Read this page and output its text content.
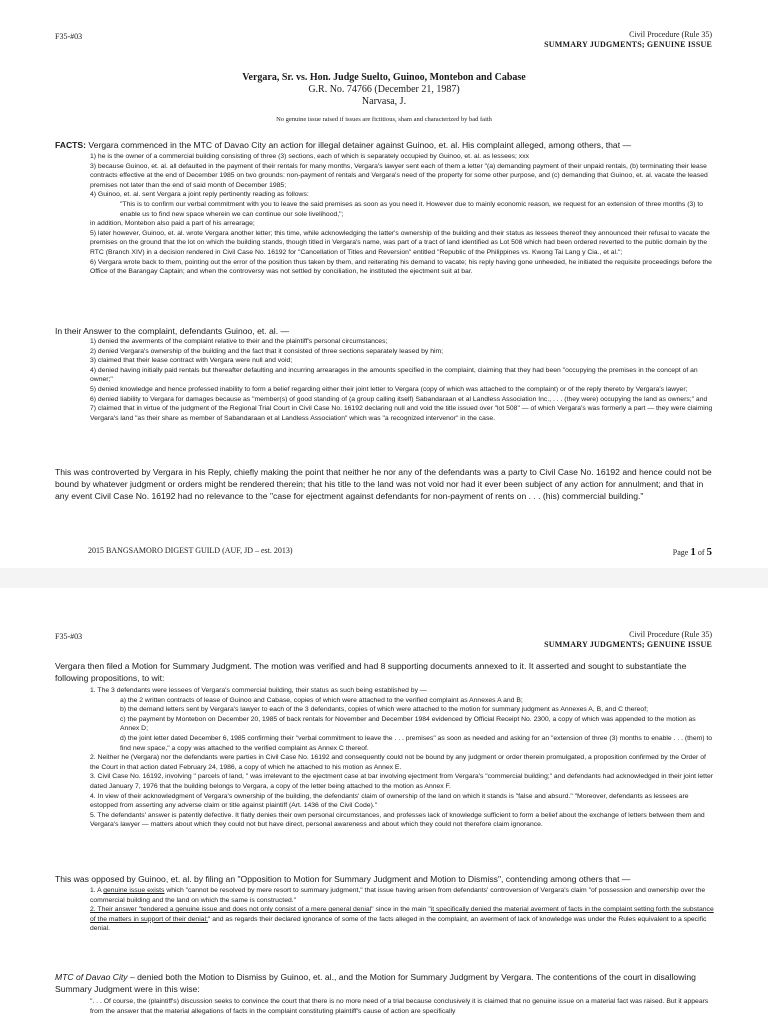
F35-#03	Civil Procedure (Rule 35)
SUMMARY JUDGMENTS; GENUINE ISSUE
Vergara, Sr. vs. Hon. Judge Suelto, Guinoo, Montebon and Cabase
G.R. No. 74766 (December 21, 1987)
Narvasa, J.
No genuine issue raised if issues are fictitious, sham and characterized by bad faith
FACTS: Vergara commenced in the MTC of Davao City an action for illegal detainer against Guinoo, et. al. His complaint alleged, among others, that —
1) he is the owner of a commercial building consisting of three (3) sections, each of which is separately occupied by Guinoo, et. al. as lessees; xxx
3) because Guinoo, et. al. all defaulted in the payment of their rentals for many months, Vergara's lawyer sent each of them a letter "(a) demanding payment of their unpaid rentals, (b) terminating their lease contracts effective at the end of December 1985 on two grounds: non-payment of rentals and Vergara's need of the property for some other purpose, and (c) demanding that Guinoo, et. al. vacate the leased premises not later than the end of said month of December 1985;
4) Guinoo, et. al. sent Vergara a joint reply pertinently reading as follows:
"This is to confirm our verbal commitment with you to leave the said premises as soon as you need it. However due to mainly economic reason, we request for an extension of three months (3) to enable us to find new space wherein we can continue our sole livelihood,";
in addition, Montebon also paid a part of his arrearage;
5) later however, Guinoo, et. al. wrote Vergara another letter; this time, while acknowledging the latter's ownership of the building and their status as lessees thereof they announced their refusal to vacate the premises on the ground that the lot on which the building stands, though titled in Vergara's name, was part of a tract of land identified as Lot 508 which had been ordered reverted to the public domain by the RTC (Branch XIV) in a decision rendered in Civil Case No. 16192 for "Cancellation of Titles and Reversion" entitled "Republic of the Philippines vs. Kwong Tai Lang y Cia., et al.";
6) Vergara wrote back to them, pointing out the error of the position thus taken by them, and reiterating his demand to vacate; his reply having gone unheeded, he initiated the requisite proceedings before the Office of the Barangay Captain; and when the controversy was not settled by conciliation, he instituted the ejectment suit at bar.
In their Answer to the complaint, defendants Guinoo, et. al. —
1) denied the averments of the complaint relative to their and the plaintiff's personal circumstances;
2) denied Vergara's ownership of the building and the fact that it consisted of three sections separately leased by him;
3) claimed that their lease contract with Vergara were null and void;
4) denied having initially paid rentals but thereafter defaulting and incurring arrearages in the amounts specified in the complaint, claiming that they had been "occupying the premises in the concept of an owner;"
5) denied knowledge and hence professed inability to form a belief regarding either their joint letter to Vergara (copy of which was attached to the complaint) or of the reply thereto by Vergara's lawyer;
6) denied liability to Vergara for damages because as "member(s) of good standing of (a group calling itself) Sabandaraan et al Landless Association Inc., . . . (they were) occupying the land as owners;" and
7) claimed that in virtue of the judgment of the Regional Trial Court in Civil Case No. 16192 declaring null and void the title issued over "lot 508" — of which Vergara's was formerly a part — they were claiming Vergara's land "as their share as member of Sabandaraan et al Landless Association" which was "a recognized intervenor" in the case.
This was controverted by Vergara in his Reply, chiefly making the point that neither he nor any of the defendants was a party to Civil Case No. 16192 and hence could not be bound by whatever judgment or orders might be rendered therein; that his title to the land was not void nor had it ever been subject of any action for annulment; and that in any event Civil Case No. 16192 had no relevance to the "case for ejectment against defendants for non-payment of rents on . . . (his) commercial building."
2015 BANGSAMORO DIGEST GUILD (AUF, JD – est. 2013)	Page 1 of 5
F35-#03	Civil Procedure (Rule 35)
SUMMARY JUDGMENTS; GENUINE ISSUE
Vergara then filed a Motion for Summary Judgment. The motion was verified and had 8 supporting documents annexed to it. It asserted and sought to substantiate the following propositions, to wit:
1. The 3 defendants were lessees of Vergara's commercial building, their status as such being established by —
a) the 2 written contracts of lease of Guinoo and Cabase, copies of which were attached to the verified complaint as Annexes A and B;
b) the demand letters sent by Vergara's lawyer to each of the 3 defendants, copies of which were attached to the motion for summary judgment as Annexes A, B, and C thereof;
c) the payment by Montebon on December 20, 1985 of back rentals for November and December 1984 evidenced by Official Receipt No. 2300, a copy of which was appended to the motion as Annex D;
d) the joint letter dated December 6, 1985 confirming their "verbal commitment to leave the . . . premises" as soon as needed and asking for an "extension of three (3) months to enable . . . (them) to find new space," a copy was attached to the verified complaint as Annex C thereof.
2. Neither he (Vergara) nor the defendants were parties in Civil Case No. 16192 and consequently could not be bound by any judgment or order therein promulgated, a proposition confirmed by the Order of the Court in that action dated February 24, 1986, a copy of which he attached to his motion as Annex E.
3. Civil Case No. 16192, involving " parcels of land, " was irrelevant to the ejectment case at bar involving ejectment from Vergara's "commercial building;" and defendants had acknowledged in their joint letter dated January 7, 1976 that the building belongs to Vergara, a copy of the letter being attached to the motion as Annex F.
4. In view of their acknowledgment of Vergara's ownership of the building, the defendants' claim of ownership of the land on which it stands is "false and absurd." "Moreover, defendants as lessees are estopped from asserting any adverse claim or title against plaintiff (Art. 1436 of the Civil Code)."
5. The defendants' answer is patently defective. It flatly denies their own personal circumstances, and professes lack of knowledge sufficient to form a belief about the exchange of letters between them and Vergara's lawyer — matters about which they could not but have direct, personal awareness and about which they could not therefore claim ignorance.
This was opposed by Guinoo, et. al. by filing an "Opposition to Motion for Summary Judgment and Motion to Dismiss", contending among others that —
1. A genuine issue exists which "cannot be resolved by mere resort to summary judgment," that issue having arisen from defendants' controversion of Vergara's claim "of possession and ownership over the commercial building and the land on which the same is constructed."
2. Their answer "tendered a genuine issue and does not only consist of a mere general denial" since in the main "it specifically denied the material averment of facts in the complaint setting forth the substance of the matters in support of their denial;" and as regards their declared ignorance of some of the facts alleged in the complaint, an averment of lack of knowledge was under the Rules equivalent to a specific denial.
MTC of Davao City – denied both the Motion to Dismiss by Guinoo, et. al., and the Motion for Summary Judgment by Vergara. The contentions of the court in disallowing Summary Judgment were in this wise:
". . . Of course, the (plaintiff's) discussion seeks to convince the court that there is no more need of a trial because conclusively it is claimed that no genuine issue on a material fact was raised. But it appears from the answer that the material allegations of facts in the complaint constituting plaintiff's cause of action are specifically
